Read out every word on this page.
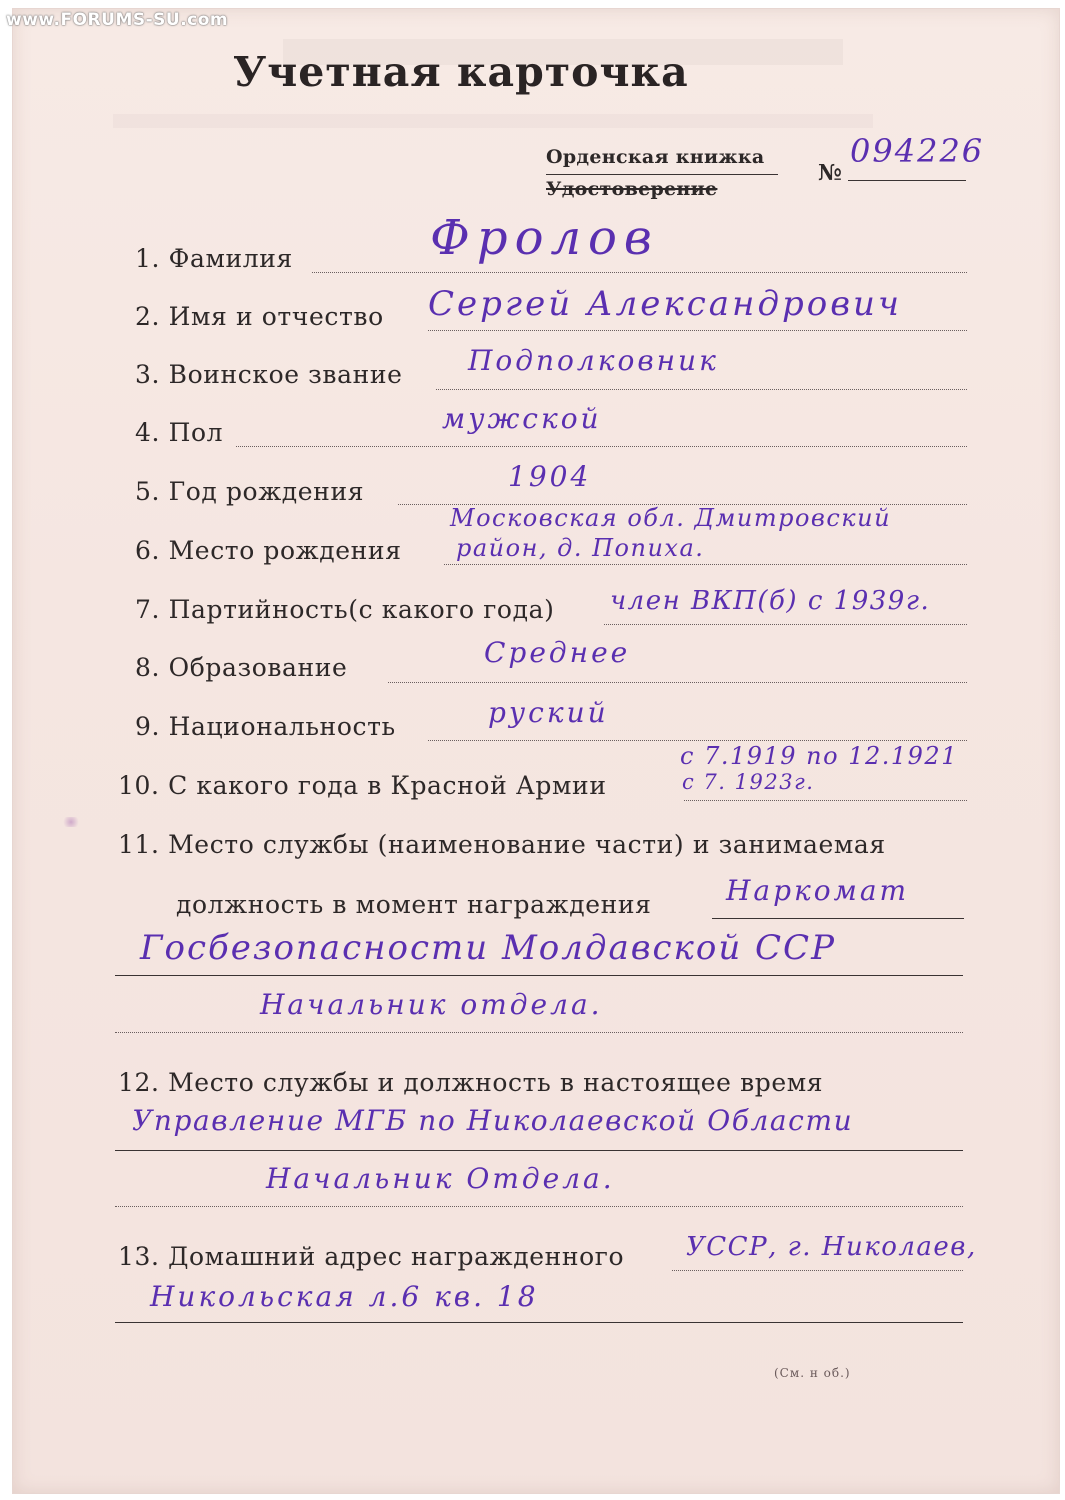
www.FORUMS-SU.com
Учетная карточка
Орденская книжка
Удостоверение
№
094226
1. Фамилия	Фролов
2. Имя и отчество Сергей Александрович
3. Воинское звание Подполковник
4. Пол	мужской
5. Год рождения	1904
Московская обл. Дмитровский
6. Место рождения район, д. Попиха.
7. Партийность(с какого года) член ВКП(б) с 1939г.
8. Образование	Среднее
9. Национальность	руский
с 7.1919 по 12.1921
10. С какого года в Красной Армии	с 7. 1923г.
11. Место службы (наименование части) и занимаемая
должность в момент награждения	Наркомат
Госбезопасности Молдавской ССР
Начальник отдела.
12. Место службы и должность в настоящее время
Управление МГБ по Николаевской Области
Начальник Отдела.
13. Домашний адрес награжденного УССР, г. Николаев,
Никольская л.6 кв. 18
(См. н об.)
